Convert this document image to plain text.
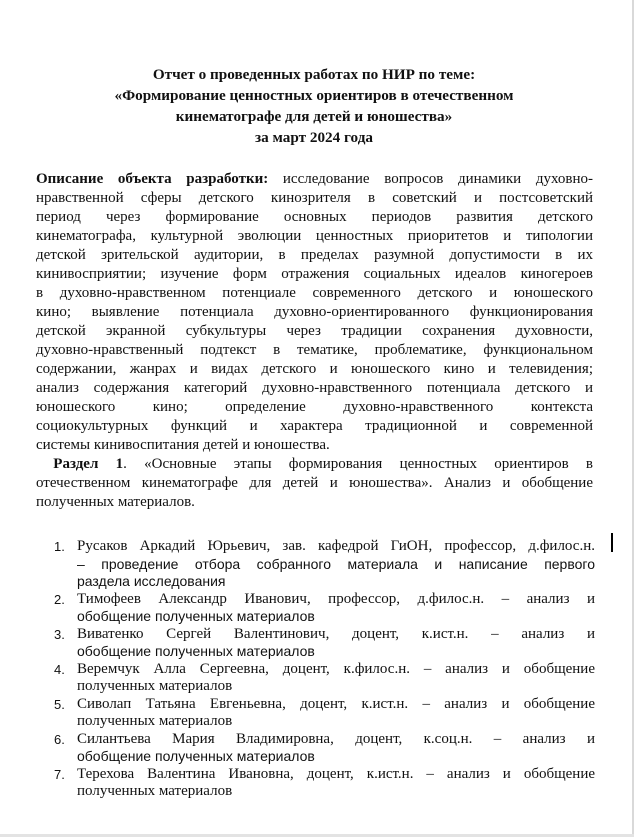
Отчет о проведенных работах по НИР по теме:
«Формирование ценностных ориентиров в отечественном
кинематографе для детей и юношества»
за март 2024 года
Описание объекта разработки: исследование вопросов динамики духовно-
нравственной сферы детского кинозрителя в советский и постсоветский
период через формирование основных периодов развития детского
кинематографа, культурной эволюции ценностных приоритетов и типологии
детской зрительской аудитории, в пределах разумной допустимости в их
кинивосприятии; изучение форм отражения социальных идеалов киногероев
в духовно-нравственном потенциале современного детского и юношеского
кино; выявление потенциала духовно-ориентированного функционирования
детской экранной субкультуры через традиции сохранения духовности,
духовно-нравственный подтекст в тематике, проблематике, функциональном
содержании, жанрах и видах детского и юношеского кино и телевидения;
анализ содержания категорий духовно-нравственного потенциала детского и
юношеского кино; определение духовно-нравственного контекста
социокультурных функций и характера традиционной и современной
системы кинивоспитания детей и юношества.
Раздел 1. «Основные этапы формирования ценностных ориентиров в
отечественном кинематографе для детей и юношества». Анализ и обобщение
полученных материалов.
1. Русаков Аркадий Юрьевич, зав. кафедрой ГиОН, профессор, д.филос.н.
– проведение отбора собранного материала и написание первого
раздела исследования
2. Тимофеев Александр Иванович, профессор, д.филос.н. – анализ и
обобщение полученных материалов
3. Виватенко Сергей Валентинович, доцент, к.ист.н. – анализ и
обобщение полученных материалов
4. Веремчук Алла Сергеевна, доцент, к.филос.н. – анализ и обобщение
полученных материалов
5. Сиволап Татьяна Евгеньевна, доцент, к.ист.н. – анализ и обобщение
полученных материалов
6. Силантьева Мария Владимировна, доцент, к.соц.н. – анализ и
обобщение полученных материалов
7. Терехова Валентина Ивановна, доцент, к.ист.н. – анализ и обобщение
полученных материалов
